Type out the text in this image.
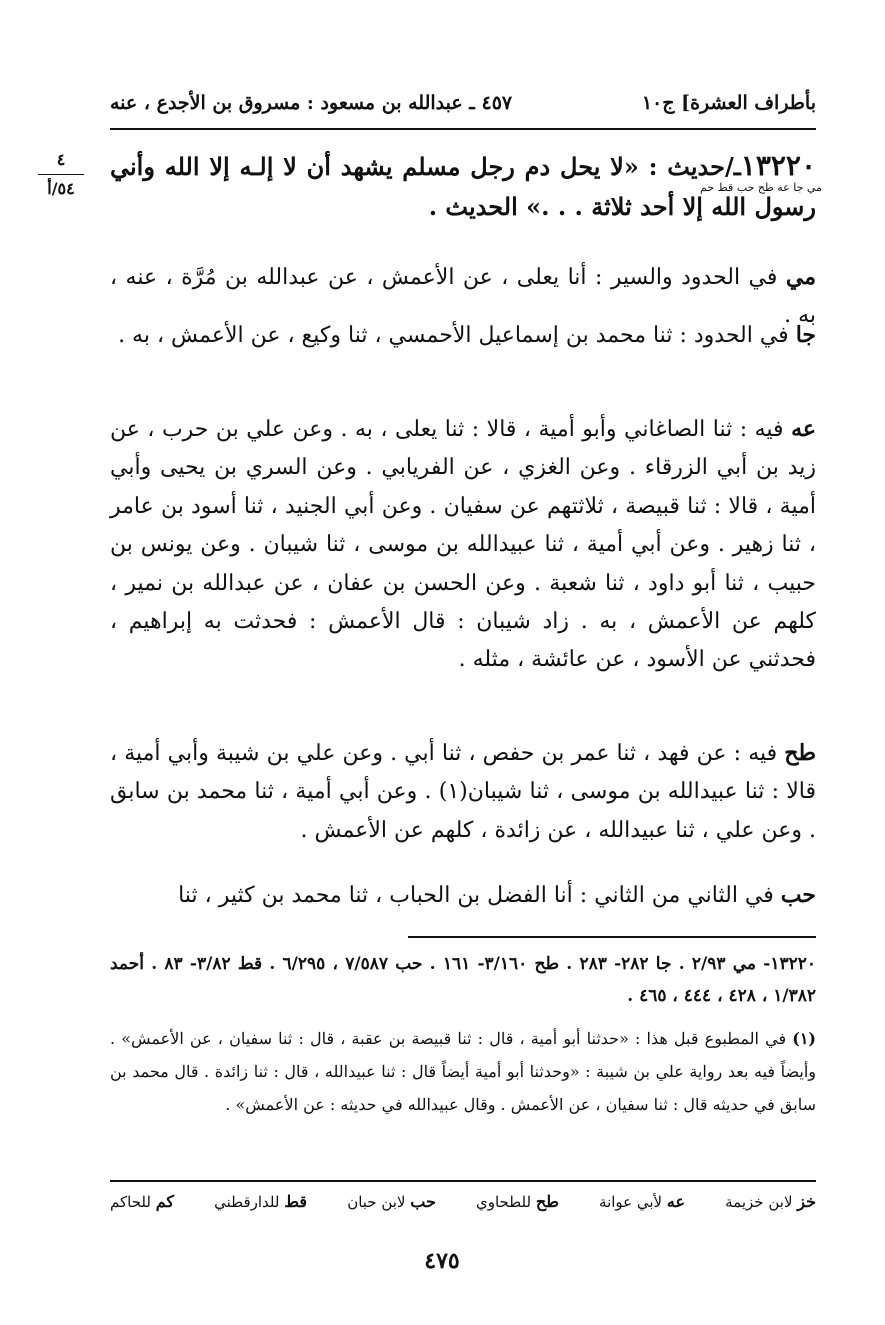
بأطراف العشرة] ج١٠
٤٥٧ ـ عبدالله بن مسعود : مسروق بن الأجدع ، عنه
٤
٥٤/أ
١٣٢٢٠ـ/حديث : «لا يحل دم رجل مسلم يشهد أن لا إلـه إلا الله وأني رسول الله إلا أحد ثلاثة . . .» الحديث .
مي جا عه طح حب قط حم
مي في الحدود والسير : أنا يعلى ، عن الأعمش ، عن عبدالله بن مُرَّة ، عنه ، به .
جا في الحدود : ثنا محمد بن إسماعيل الأحمسي ، ثنا وكيع ، عن الأعمش ، به .
عه فيه : ثنا الصاغاني وأبو أمية ، قالا : ثنا يعلى ، به . وعن علي بن حرب ، عن زيد بن أبي الزرقاء . وعن الغزي ، عن الفريابي . وعن السري بن يحيى وأبي أمية ، قالا : ثنا قبيصة ، ثلاثتهم عن سفيان . وعن أبي الجنيد ، ثنا أسود بن عامر ، ثنا زهير . وعن أبي أمية ، ثنا عبيدالله بن موسى ، ثنا شيبان . وعن يونس بن حبيب ، ثنا أبو داود ، ثنا شعبة . وعن الحسن بن عفان ، عن عبدالله بن نمير ، كلهم عن الأعمش ، به . زاد شيبان : قال الأعمش : فحدثت به إبراهيم ، فحدثني عن الأسود ، عن عائشة ، مثله .
طح فيه : عن فهد ، ثنا عمر بن حفص ، ثنا أبي . وعن علي بن شيبة وأبي أمية ، قالا : ثنا عبيدالله بن موسى ، ثنا شيبان(١) . وعن أبي أمية ، ثنا محمد بن سابق . وعن علي ، ثنا عبيدالله ، عن زائدة ، كلهم عن الأعمش .
حب في الثاني من الثاني : أنا الفضل بن الحباب ، ثنا محمد بن كثير ، ثنا
١٣٢٢٠- مي ٢/٩٣ . جا ٢٨٢- ٢٨٣ . طح ٣/١٦٠- ١٦١ . حب ٧/٥٨٧ ، ٦/٢٩٥ . قط ٣/٨٢- ٨٣ . أحمد ١/٣٨٢ ، ٤٢٨ ، ٤٤٤ ، ٤٦٥ .
(١) في المطبوع قبل هذا : «حدثنا أبو أمية ، قال : ثنا قبيصة بن عقبة ، قال : ثنا سفيان ، عن الأعمش» . وأيضاً فيه بعد رواية علي بن شيبة : «وحدثنا أبو أمية أيضاً قال : ثنا عبيدالله ، قال : ثنا زائدة . قال محمد بن سابق في حديثه قال : ثنا سفيان ، عن الأعمش . وقال عبيدالله في حديثه : عن الأعمش» .
خز لابن خزيمة
عه لأبي عوانة
طح للطحاوي
حب لابن حبان
قط للدارقطني
كم للحاكم
٤٧٥
